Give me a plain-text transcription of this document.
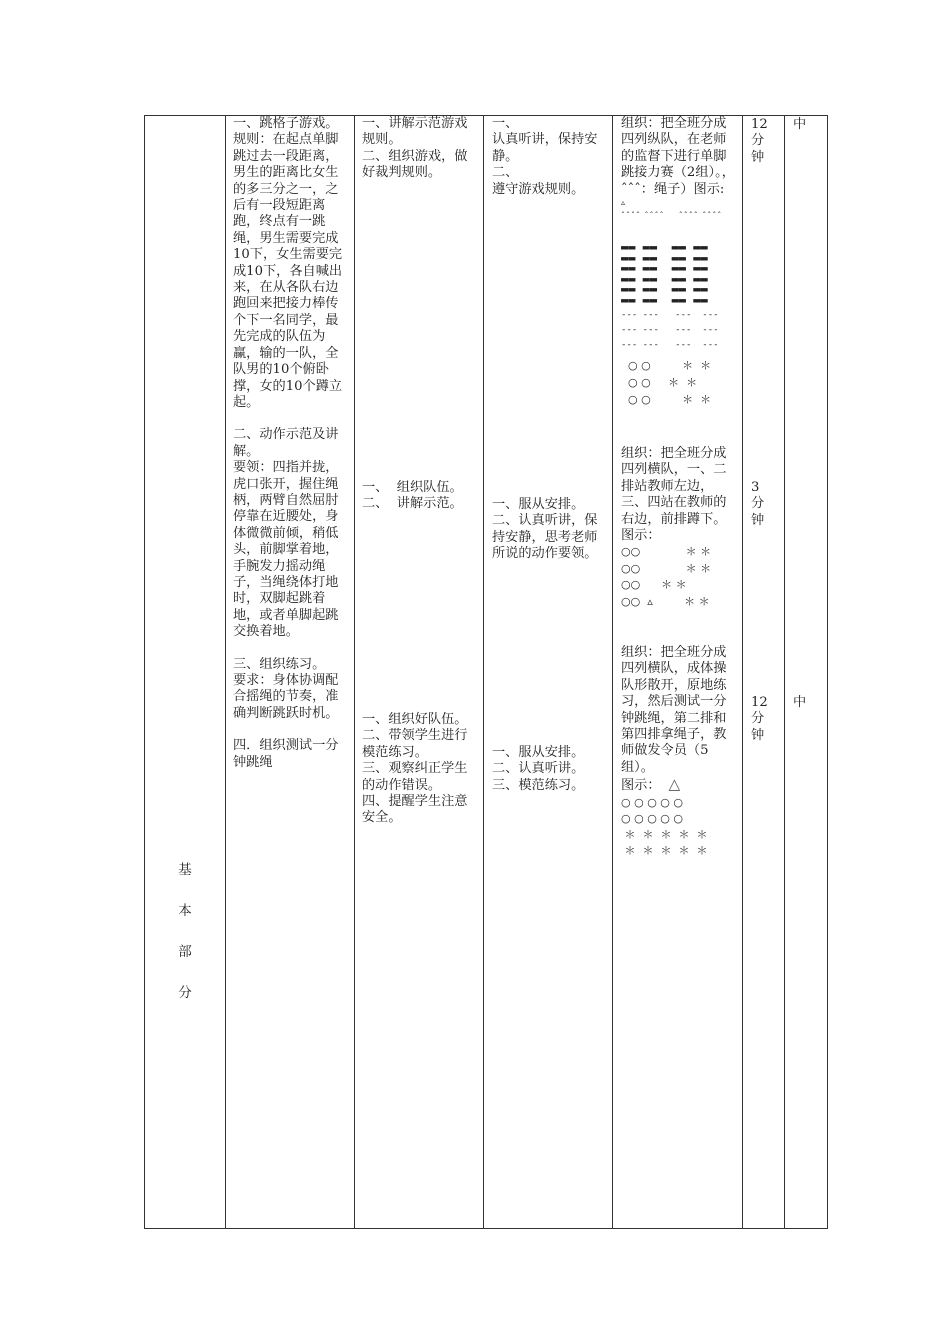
基
本
部
分

一、跳格子游戏。

规则：在起点单脚跳过去一段距离，男生的距离比女生的多三分之一，之后有一段短距离跑，终点有一跳绳，男生需要完成10下，女生需要完成10下，各自喊出来，在从各队右边跑回来把接力棒传个下一名同学，最先完成的队伍为赢，输的一队，全队男的10个俯卧撑，女的10个蹲立起。

二、动作示范及讲解。

要领：四指并拢，虎口张开，握住绳柄，两臂自然屈肘停靠在近腰处，身体微微前倾，稍低头，前脚掌着地，手腕发力摇动绳子，当绳绕体打地时，双脚起跳着地，或者单脚起跳交换着地。

三、组织练习。

要求：身体协调配合摇绳的节奏，准确判断跳跃时机。

四．组织测试一分钟跳绳

一、讲解示范游戏规则。

二、组织游戏，做好裁判规则。

一、  组织队伍。

二、  讲解示范。

一、组织好队伍。

二、带领学生进行模范练习。

三、观察纠正学生的动作错误。

四、提醒学生注意安全。

一、

认真听讲，保持安静。

二、

遵守游戏规则。

一、服从安排。

二、认真听讲，保持安静，思考老师所说的动作要领。

一、服从安排。

二、认真听讲。

三、模范练习。

组织：把全班分成四列纵队，在老师的监督下进行单脚跳接力赛（2组）。，ˆˆˆ：绳子）图示:

▵

ˆˆˆˆ ˆˆˆˆ    ˆˆˆˆ ˆˆˆˆ

▬▬ ▬▬  ▬▬ ▬▬
▬▬ ▬▬  ▬▬ ▬▬
▬▬ ▬▬  ▬▬ ▬▬
▬▬ ▬▬  ▬▬ ▬▬
▬▬ ▬▬  ▬▬ ▬▬
▬▬ ▬▬  ▬▬ ▬▬

--- ---   ---  ---
--- ---   ---  ---
--- ---   ---  ---

○ ○         ＊  ＊
○ ○     ＊  ＊
○ ○         ＊  ＊

组织：把全班分成四列横队，一、二排站教师左边，三、四站在教师的右边，前排蹲下。

图示：

○○             ＊ ＊
○○             ＊ ＊
○○      ＊ ＊
○○  ▵         ＊ ＊

组织：把全班分成四列横队，成体操队形散开，原地练习，然后测试一分钟跳绳，第二排和第四排拿绳子，教师做发令员（5组）。

图示： △

○ ○ ○ ○ ○
○ ○ ○ ○ ○
＊  ＊  ＊  ＊  ＊
＊  ＊  ＊  ＊  ＊

12

分

钟

3

分

钟

12

分

钟

中

中
